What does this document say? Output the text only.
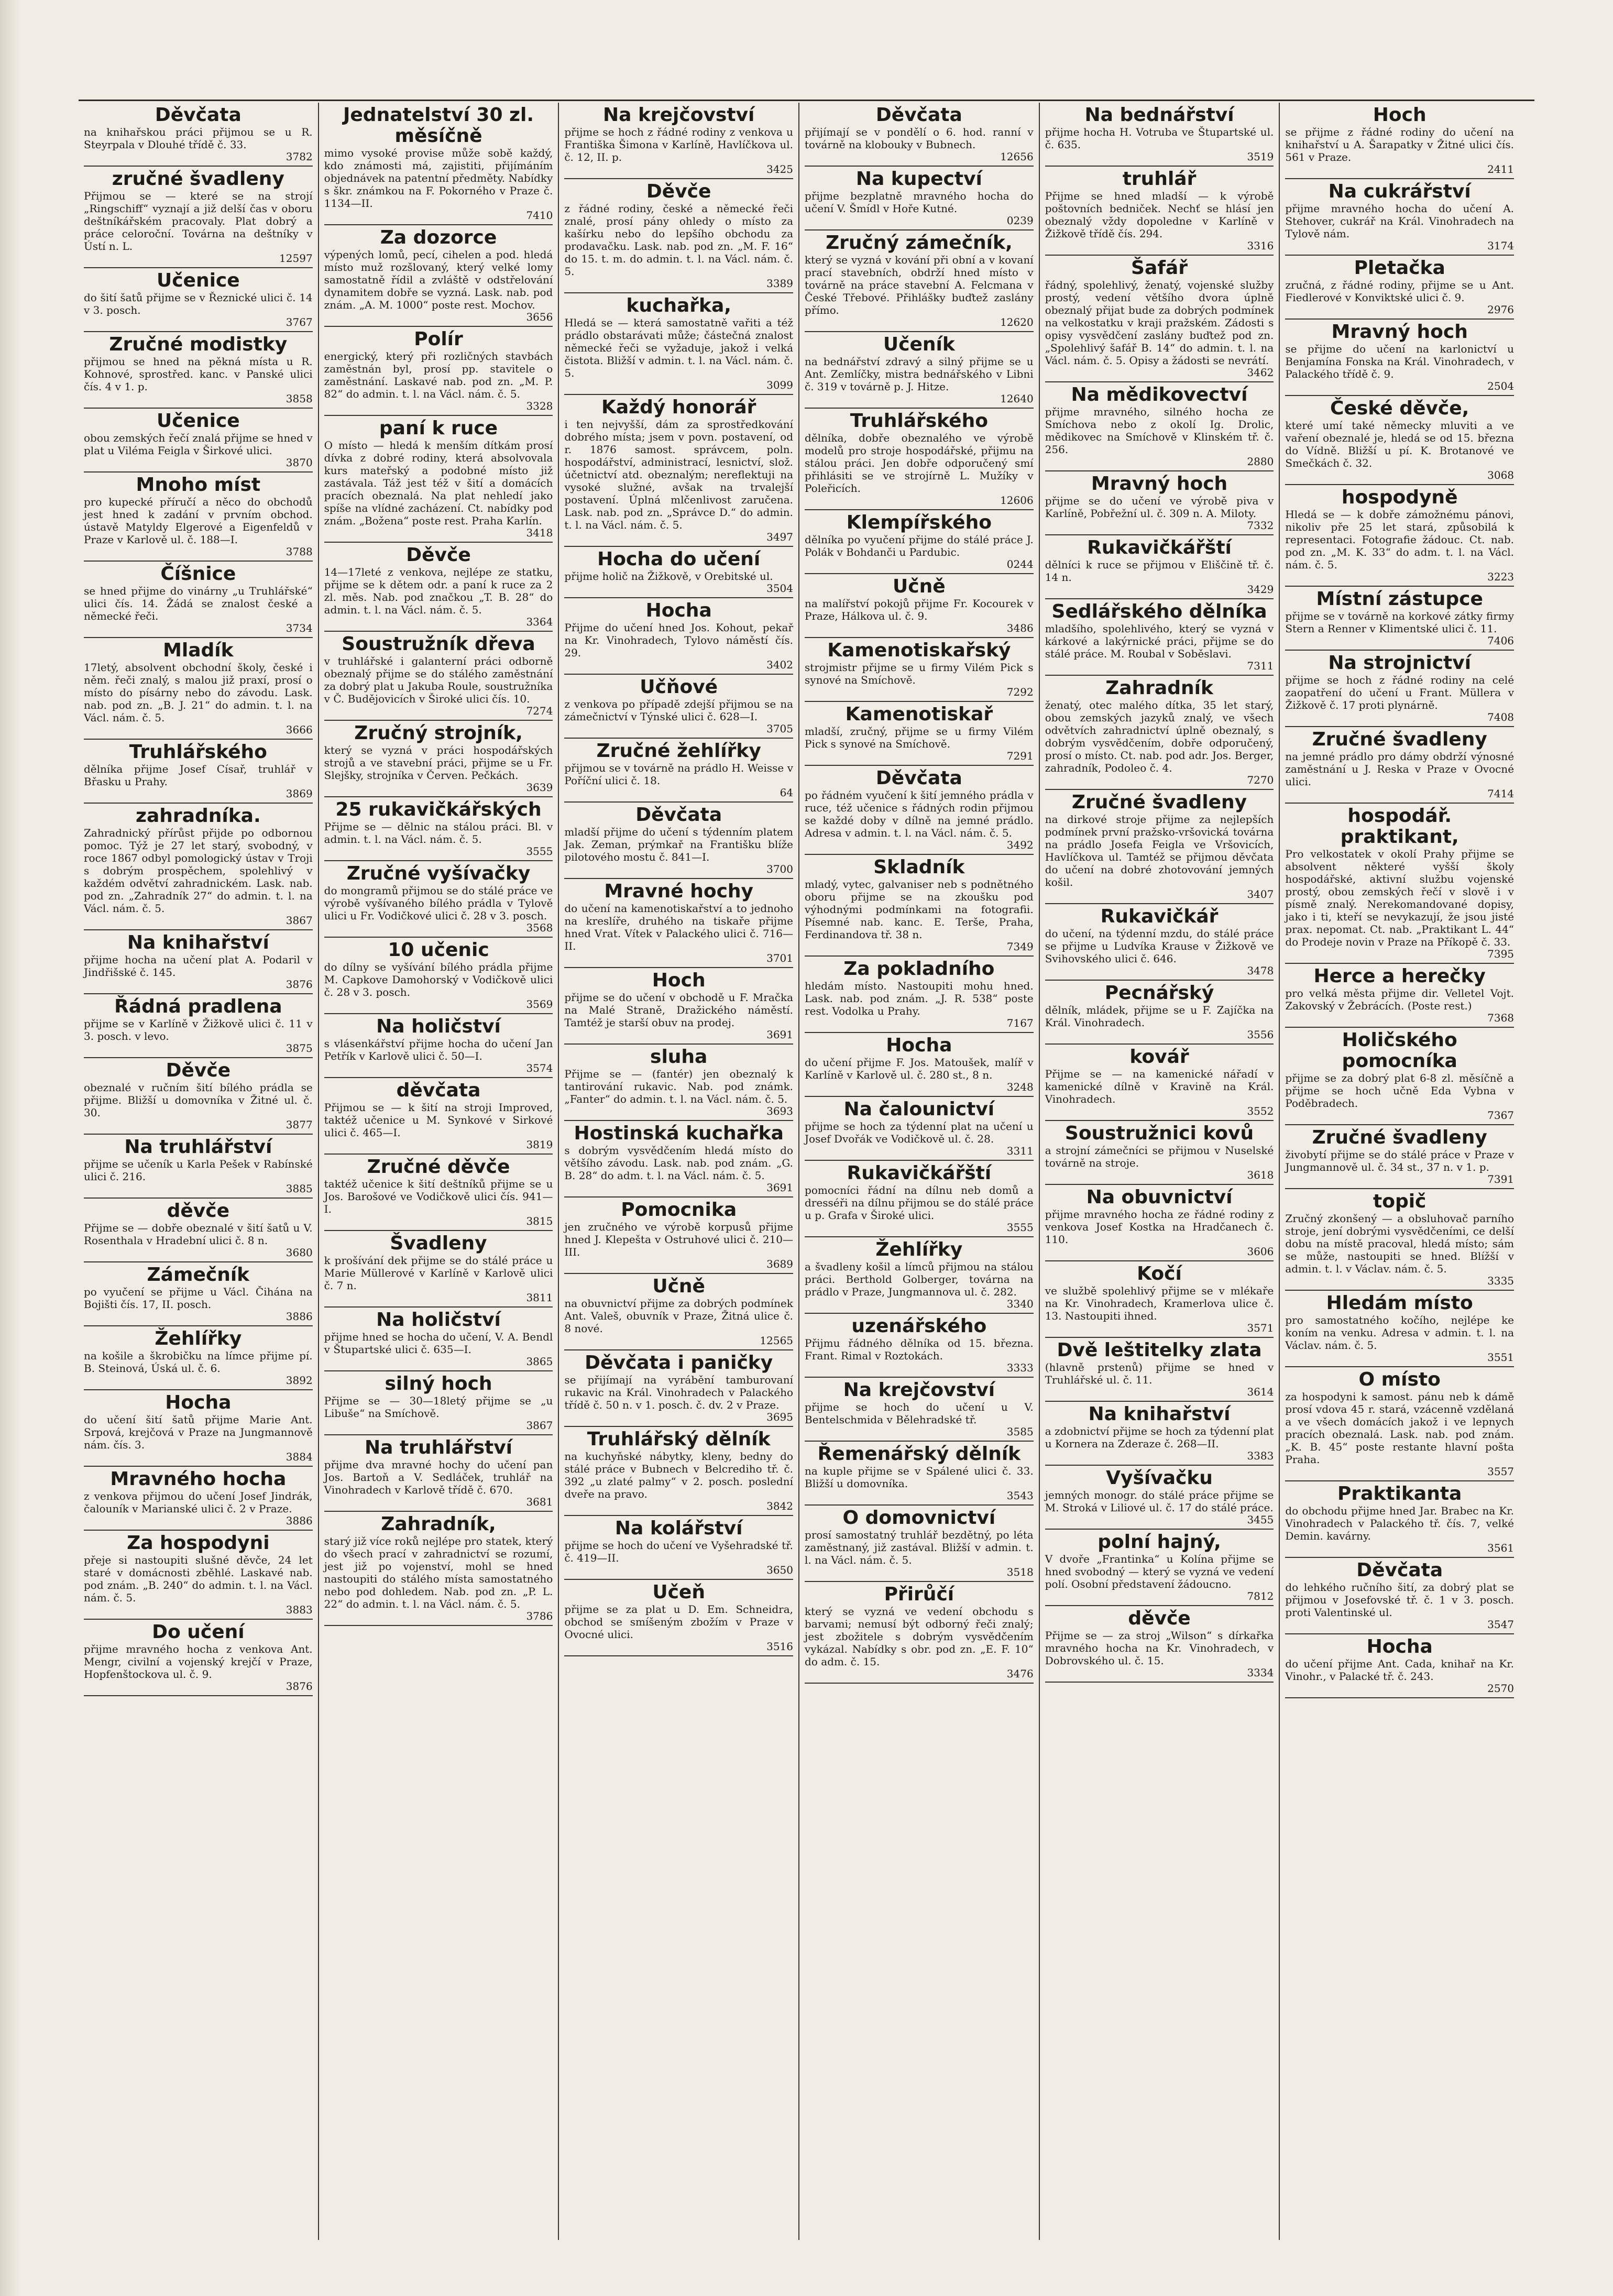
Děvčata
na knihařskou práci přijmou se u R. Steyrpala v Dlouhé třídě č. 33.
3782
zručné švadleny
Přijmou se — které se na strojí „Ringschiff“ vyznají a již delší čas v oboru deštníkářském pracovaly. Plat dobrý a práce celoroční. Továrna na deštníky v Ústí n. L.
12597
Učenice
do šití šatů přijme se v Řeznické ulici č. 14 v 3. posch.
3767
Zručné modistky
přijmou se hned na pěkná místa u R. Kohnové, sprostřed. kanc. v Panské ulici čís. 4 v 1. p.
3858
Učenice
obou zemských řečí znalá přijme se hned v plat u Viléma Feigla v Širkové ulici.
3870
Mnoho míst
pro kupecké příručí a něco do obchodů jest hned k zadání v prvním obchod. ústavě Matyldy Elgerové a Eigenfeldů v Praze v Karlově ul. č. 188—I.
3788
Číšnice
se hned přijme do vinárny „u Truhlářské“ ulici čís. 14. Žádá se znalost české a německé řeči.
3734
Mladík
17letý, absolvent obchodní školy, české i něm. řeči znalý, s malou již praxí, prosí o místo do písárny nebo do závodu. Lask. nab. pod zn. „B. J. 21“ do admin. t. l. na Václ. nám. č. 5.
3666
Truhlářského
dělníka přijme Josef Císař, truhlář v Břasku u Prahy.
3869
zahradníka.
Zahradnický přírůst přijde po odbornou pomoc. Týž je 27 let starý, svobodný, v roce 1867 odbyl pomologický ústav v Troji s dobrým prospěchem, spolehlivý v každém odvětví zahradnickém. Lask. nab. pod zn. „Zahradník 27“ do admin. t. l. na Václ. nám. č. 5.
3867
Na knihařství
přijme hocha na učení plat A. Podaril v Jindřišské č. 145.
3876
Řádná pradlena
přijme se v Karlíně v Žižkově ulici č. 11 v 3. posch. v levo.
3875
Děvče
obeznalé v ručním šití bílého prádla se přijme. Bližší u domovníka v Žitné ul. č. 30.
3877
Na truhlářství
přijme se učeník u Karla Pešek v Rabínské ulici č. 216.
3885
děvče
Přijme se — dobře obeznalé v šití šatů u V. Rosenthala v Hradební ulici č. 8 n.
3680
Zámečník
po vyučení se přijme u Václ. Čihána na Bojišti čís. 17, II. posch.
3886
Žehlířky
na košile a škrobičku na límce přijme pí. B. Steinová, Úská ul. č. 6.
3892
Hocha
do učení šití šatů přijme Marie Ant. Srpová, krejčová v Praze na Jungmannově nám. čís. 3.
3884
Mravného hocha
z venkova přijmou do učení Josef Jindrák, čalouník v Marianské ulici č. 2 v Praze.
3886
Za hospodyni
přeje si nastoupiti slušné děvče, 24 let staré v domácnosti zběhlé. Laskavé nab. pod znám. „B. 240“ do admin. t. l. na Václ. nám. č. 5.
3883
Do učení
přijme mravného hocha z venkova Ant. Mengr, civilní a vojenský krejčí v Praze, Hopfenštockova ul. č. 9.
3876
Jednatelství 30 zl. měsíčně
mimo vysoké provise může sobě každý, kdo známosti má, zajistiti, přijímáním objednávek na patentní předměty. Nabídky s škr. známkou na F. Pokorného v Praze č. 1134—II.
7410
Za dozorce
výpených lomů, pecí, cihelen a pod. hledá místo muž rozšlovaný, který velké lomy samostatně řídil a zvláště v odstřelování dynamitem dobře se vyzná. Lask. nab. pod znám. „A. M. 1000“ poste rest. Mochov.
3656
Polír
energický, který při rozličných stavbách zaměstnán byl, prosí pp. stavitele o zaměstnání. Laskavé nab. pod zn. „M. P. 82“ do admin. t. l. na Václ. nám. č. 5.
3328
paní k ruce
O místo — hledá k menším dítkám prosí dívka z dobré rodiny, která absolvovala kurs mateřský a podobné místo již zastávala. Táž jest též v šití a domácích pracích obeznalá. Na plat nehledí jako spíše na vlídné zacházení. Ct. nabídky pod znám. „Božena“ poste rest. Praha Karlín.
3418
Děvče
14—17leté z venkova, nejlépe ze statku, přijme se k dětem odr. a paní k ruce za 2 zl. měs. Nab. pod značkou „T. B. 28“ do admin. t. l. na Václ. nám. č. 5.
3364
Soustružník dřeva
v truhlářské i galanterní práci odborně obeznalý přijme se do stálého zaměstnání za dobrý plat u Jakuba Roule, soustružníka v Č. Budějovicích v Široké ulici čís. 10.
7274
Zručný strojník,
který se vyzná v práci hospodářských strojů a ve stavební práci, přijme se u Fr. Slejšky, strojníka v Červen. Pečkách.
3639
25 rukavičkářských
Přijme se — dělnic na stálou práci. Bl. v admin. t. l. na Václ. nám. č. 5.
3555
Zručné vyšívačky
do mongramů přijmou se do stálé práce ve výrobě vyšívaného bílého prádla v Tylově ulici u Fr. Vodičkové ulici č. 28 v 3. posch.
3568
10 učenic
do dílny se vyšívání bílého prádla přijme M. Capkove Damohorský v Vodičkově ulici č. 28 v 3. posch.
3569
Na holičství
s vlásenkářství přijme hocha do učení Jan Petřík v Karlově ulici č. 50—I.
3574
děvčata
Přijmou se — k šití na stroji Improved, taktéž učenice u M. Synkové v Sirkové ulici č. 465—I.
3819
Zručné děvče
taktéž učenice k šití deštníků přijme se u Jos. Barošové ve Vodičkově ulici čís. 941—I.
3815
Švadleny
k prošívání dek přijme se do stálé práce u Marie Müllerové v Karlíně v Karlově ulici č. 7 n.
3811
Na holičství
přijme hned se hocha do učení, V. A. Bendl v Štupartské ulici č. 635—I.
3865
silný hoch
Přijme se — 30—18letý přijme se „u Libuše“ na Smíchově.
3867
Na truhlářství
přijme dva mravné hochy do učení pan Jos. Bartoň a V. Sedláček, truhlář na Vinohradech v Karlově třídě č. 670.
3681
Zahradník,
starý již více roků nejlépe pro statek, který do všech prací v zahradnictví se rozumí, jest již po vojenství, mohl se hned nastoupiti do stálého místa samostatného nebo pod dohledem. Nab. pod zn. „P. L. 22“ do admin. t. l. na Václ. nám. č. 5.
3786
Na krejčovství
přijme se hoch z řádné rodiny z venkova u Františka Šimona v Karlíně, Havlíčkova ul. č. 12, II. p.
3425
Děvče
z řádné rodiny, české a německé řeči znalé, prosí pány ohledy o místo za kašírku nebo do lepšího obchodu za prodavačku. Lask. nab. pod zn. „M. F. 16“ do 15. t. m. do admin. t. l. na Václ. nám. č. 5.
3389
kuchařka,
Hledá se — která samostatně vařiti a též prádlo obstarávati může; částečná znalost německé řeči se vyžaduje, jakož i velká čistota. Bližší v admin. t. l. na Václ. nám. č. 5.
3099
Každý honorář
i ten nejvyšší, dám za sprostředkování dobrého místa; jsem v povn. postavení, od r. 1876 samost. správcem, poln. hospodářství, administrací, lesnictví, slož. účetnictví atd. obeznalým; nereflektuji na vysoké služné, avšak na trvalejší postavení. Úplná mlčenlivost zaručena. Lask. nab. pod zn. „Správce D.“ do admin. t. l. na Václ. nám. č. 5.
3497
Hocha do učení
přijme holič na Žižkově, v Orebitské ul.
3504
Hocha
Přijme do učení hned Jos. Kohout, pekař na Kr. Vinohradech, Tylovo náměstí čís. 29.
3402
Učňové
z venkova po případě zdejší přijmou se na zámečnictví v Týnské ulici č. 628—I.
3705
Zručné žehlířky
přijmou se v továrně na prádlo H. Weisse v Poříční ulici č. 18.
64
Děvčata
mladší přijme do učení s týdenním platem Jak. Zeman, prýmkař na Františku blíže pilotového mostu č. 841—I.
3700
Mravné hochy
do učení na kamenotiskařství a to jednoho na kreslíře, druhého na tiskaře přijme hned Vrat. Vítek v Palackého ulici č. 716—II.
3701
Hoch
přijme se do učení v obchodě u F. Mračka na Malé Straně, Dražického náměstí. Tamtéž je starší obuv na prodej.
3691
sluha
Přijme se — (fantér) jen obeznalý k tantirování rukavic. Nab. pod známk. „Fanter“ do admin. t. l. na Václ. nám. č. 5.
3693
Hostinská kuchařka
s dobrým vysvědčením hledá místo do většího závodu. Lask. nab. pod znám. „G. B. 28“ do adm. t. l. na Václ. nám. č. 5.
3691
Pomocnika
jen zručného ve výrobě korpusů přijme hned J. Klepešta v Ostruhové ulici č. 210—III.
3689
Učně
na obuvnictví přijme za dobrých podmínek Ant. Valeš, obuvník v Praze, Žitná ulice č. 8 nové.
12565
Děvčata i paničky
se přijímají na vyrábění tamburovaní rukavic na Král. Vinohradech v Palackého třídě č. 50 n. v 1. posch. č. dv. 2 v Praze.
3695
Truhlářský dělník
na kuchyňské nábytky, kleny, bedny do stálé práce v Bubnech v Belcrediho tř. č. 392 „u zlaté palmy“ v 2. posch. poslední dveře na pravo.
3842
Na kolářství
přijme se hoch do učení ve Vyšehradské tř. č. 419—II.
3650
Učeň
přijme se za plat u D. Em. Schneidra, obchod se smíšeným zbožím v Praze v Ovocné ulici.
3516
Děvčata
přijímají se v pondělí o 6. hod. ranní v továrně na klobouky v Bubnech.
12656
Na kupectví
přijme bezplatně mravného hocha do učení V. Šmídl v Hoře Kutné.
0239
Zručný zámečník,
který se vyzná v kování při obní a v kovaní prací stavebních, obdrží hned místo v továrně na práce stavební A. Felcmana v České Třebové. Přihlášky buďtež zaslány přímo.
12620
Učeník
na bednářství zdravý a silný přijme se u Ant. Zemlíčky, mistra bednářského v Libni č. 319 v továrně p. J. Hitze.
12640
Truhlářského
dělníka, dobře obeznalého ve výrobě modelů pro stroje hospodářské, přijmu na stálou práci. Jen dobře odporučený smí přihlásiti se ve strojírně L. Mužíky v Poleřicích.
12606
Klempířského
dělníka po vyučení přijme do stálé práce J. Polák v Bohdanči u Pardubic.
0244
Učně
na malířství pokojů přijme Fr. Kocourek v Praze, Hálkova ul. č. 9.
3486
Kamenotiskařský
strojmistr přijme se u firmy Vilém Pick s synové na Smíchově.
7292
Kamenotiskař
mladší, zručný, přijme se u firmy Vilém Pick s synové na Smíchově.
7291
Děvčata
po řádném vyučení k šití jemného prádla v ruce, též učenice s řádných rodin přijmou se každé doby v dílně na jemné prádlo. Adresa v admin. t. l. na Václ. nám. č. 5.
3492
Skladník
mladý, vytec, galvaniser neb s podnětného oboru přijme se na zkoušku pod výhodnými podmínkami na fotografii. Písemné nab. kanc. E. Terše, Praha, Ferdinandova tř. 38 n.
7349
Za pokladního
hledám místo. Nastoupiti mohu hned. Lask. nab. pod znám. „J. R. 538“ poste rest. Vodolka u Prahy.
7167
Hocha
do učení přijme F. Jos. Matoušek, malíř v Karlíně v Karlově ul. č. 280 st., 8 n.
3248
Na čalounictví
přijme se hoch za týdenní plat na učení u Josef Dvořák ve Vodičkově ul. č. 28.
3311
Rukavičkářští
pomocníci řádní na dílnu neb domů a dresséři na dílnu přijmou se do stálé práce u p. Grafa v Široké ulici.
3555
Žehlířky
a švadleny košil a límců přijmou na stálou práci. Berthold Golberger, továrna na prádlo v Praze, Jungmannova ul. č. 282.
3340
uzenářského
Přijmu řádného dělníka od 15. března. Frant. Rimal v Roztokách.
3333
Na krejčovství
přijme se hoch do učení u V. Bentelschmida v Bělehradské tř.
3585
Řemenářský dělník
na kuple přijme se v Spálené ulici č. 33. Bližší u domovníka.
3543
O domovnictví
prosí samostatný truhlář bezdětný, po léta zaměstnaný, již zastával. Bližší v admin. t. l. na Václ. nám. č. 5.
3518
Přirůčí
který se vyzná ve vedení obchodu s barvami; nemusí být odborný řeči znalý; jest zbožitele s dobrým vysvědčením vykázal. Nabídky s obr. pod zn. „E. F. 10“ do adm. č. 15.
3476
Na bednářství
přijme hocha H. Votruba ve Štupartské ul. č. 635.
3519
truhlář
Přijme se hned mladší — k výrobě poštovních bedniček. Nechť se hlásí jen obeznalý vždy dopoledne v Karlíně v Žižkově třídě čís. 294.
3316
Šafář
řádný, spolehlivý, ženatý, vojenské služby prostý, vedení většího dvora úplně obeznalý přijat bude za dobrých podmínek na velkostatku v kraji pražském. Zádosti s opisy vysvědčení zaslány buďtež pod zn. „Spolehlivý šafář B. 14“ do admin. t. l. na Václ. nám. č. 5. Opisy a žádosti se nevrátí.
3462
Na mědikovectví
přijme mravného, silného hocha ze Smíchova nebo z okolí Ig. Drolic, mědikovec na Smíchově v Klinském tř. č. 256.
2880
Mravný hoch
přijme se do učení ve výrobě piva v Karlíně, Pobřežní ul. č. 309 n. A. Miloty.
7332
Rukavičkářští
dělníci k ruce se přijmou v Eliščině tř. č. 14 n.
3429
Sedlářského dělníka
mladšího, spolehlivého, který se vyzná v kárkové a lakýrnické práci, přijme se do stálé práce. M. Roubal v Soběslavi.
7311
Zahradník
ženatý, otec malého dítka, 35 let starý, obou zemských jazyků znalý, ve všech odvětvích zahradnictví úplně obeznalý, s dobrým vysvědčením, dobře odporučený, prosí o místo. Ct. nab. pod adr. Jos. Berger, zahradník, Podoleo č. 4.
7270
Zručné švadleny
na dirkové stroje přijme za nejlepších podmínek první pražsko-vršovická továrna na prádlo Josefa Feigla ve Vršovicích, Havlíčkova ul. Tamtéž se přijmou děvčata do učení na dobré zhotovování jemných košil.
3407
Rukavičkář
do učení, na týdenní mzdu, do stálé práce se přijme u Ludvíka Krause v Žižkově ve Svihovského ulici č. 646.
3478
Pecnářský
dělník, mládek, přijme se u F. Zajíčka na Král. Vinohradech.
3556
kovář
Přijme se — na kamenické nářadí v kamenické dílně v Kravině na Král. Vinohradech.
3552
Soustružnici kovů
a strojní zámečníci se přijmou v Nuselské továrně na stroje.
3618
Na obuvnictví
přijme mravného hocha ze řádné rodiny z venkova Josef Kostka na Hradčanech č. 110.
3606
Kočí
ve službě spolehlivý přijme se v mlékaře na Kr. Vinohradech, Kramerlova ulice č. 13. Nastoupiti ihned.
3571
Dvě leštitelky zlata
(hlavně prstenů) přijme se hned v Truhlářské ul. č. 11.
3614
Na knihařství
a zdobnictví přijme se hoch za týdenní plat u Kornera na Zderaze č. 268—II.
3383
Vyšívačku
jemných monogr. do stálé práce přijme se M. Stroká v Liliové ul. č. 17 do stálé práce.
3455
polní hajný,
V dvoře „Frantinka“ u Kolína přijme se hned svobodný — který se vyzná ve vedení polí. Osobní představení žádoucno.
7812
děvče
Přijme se — za stroj „Wilson“ s dírkařka mravného hocha na Kr. Vinohradech, v Dobrovského ul. č. 15.
3334
Hoch
se přijme z řádné rodiny do učení na knihařství u A. Šarapatky v Žitné ulici čís. 561 v Praze.
2411
Na cukrářství
přijme mravného hocha do učení A. Stehover, cukrář na Král. Vinohradech na Tylově nám.
3174
Pletačka
zručná, z řádné rodiny, přijme se u Ant. Fiedlerové v Konviktské ulici č. 9.
2976
Mravný hoch
se přijme do učení na karlonictví u Benjamína Fonska na Král. Vinohradech, v Palackého třídě č. 9.
2504
České děvče,
které umí také německy mluviti a ve vaření obeznalé je, hledá se od 15. března do Vídně. Bližší u pí. K. Brotanové ve Smečkách č. 32.
3068
hospodyně
Hledá se — k dobře zámožnému pánovi, nikoliv pře 25 let stará, způsobilá k representaci. Fotografie žádouc. Ct. nab. pod zn. „M. K. 33“ do adm. t. l. na Václ. nám. č. 5.
3223
Místní zástupce
přijme se v továrně na korkové zátky firmy Stern a Renner v Klimentské ulici č. 11.
7406
Na strojnictví
přijme se hoch z řádné rodiny na celé zaopatření do učení u Frant. Müllera v Žižkově č. 17 proti plynárně.
7408
Zručné švadleny
na jemné prádlo pro dámy obdrží výnosné zaměstnání u J. Reska v Praze v Ovocné ulici.
7414
hospodář. praktikant,
Pro velkostatek v okolí Prahy přijme se absolvent některé vyšší školy hospodářské, aktivní službu vojenské prostý, obou zemských řečí v slově i v písmě znalý. Nerekomandované dopisy, jako i ti, kteří se nevykazují, že jsou jisté prax. nepomat. Ct. nab. „Praktikant L. 44“ do Prodeje novin v Praze na Příkopě č. 33.
7395
Herce a herečky
pro velká města přijme dir. Velletel Vojt. Zakovský v Žebrácích. (Poste rest.)
7368
Holičského pomocníka
přijme se za dobrý plat 6-8 zl. měsíčně a přijme se hoch učně Eda Vybna v Poděbradech.
7367
Zručné švadleny
živobytí přijme se do stálé práce v Praze v Jungmannově ul. č. 34 st., 37 n. v 1. p.
7391
topič
Zručný zkonšený — a obsluhovač parního stroje, jení dobrými vysvědčeními, ce delší dobu na místě pracoval, hledá místo; sám se může, nastoupiti se hned. Blížší v admin. t. l. v Václav. nám. č. 5.
3335
Hledám místo
pro samostatného kočího, nejlépe ke koním na venku. Adresa v admin. t. l. na Václav. nám. č. 5.
3551
O místo
za hospodyni k samost. pánu neb k dámě prosí vdova 45 r. stará, vzácenně vzdělaná a ve všech domácích jakož i ve lepnych pracích obeznalá. Lask. nab. pod znám. „K. B. 45“ poste restante hlavní pošta Praha.
3557
Praktikanta
do obchodu přijme hned Jar. Brabec na Kr. Vinohradech v Palackého tř. čís. 7, velké Demin. kavárny.
3561
Děvčata
do lehkého ručního šití, za dobrý plat se přijmou v Josefovské tř. č. 1 v 3. posch. proti Valentinské ul.
3547
Hocha
do učení přijme Ant. Cada, knihař na Kr. Vinohr., v Palacké tř. č. 243.
2570
